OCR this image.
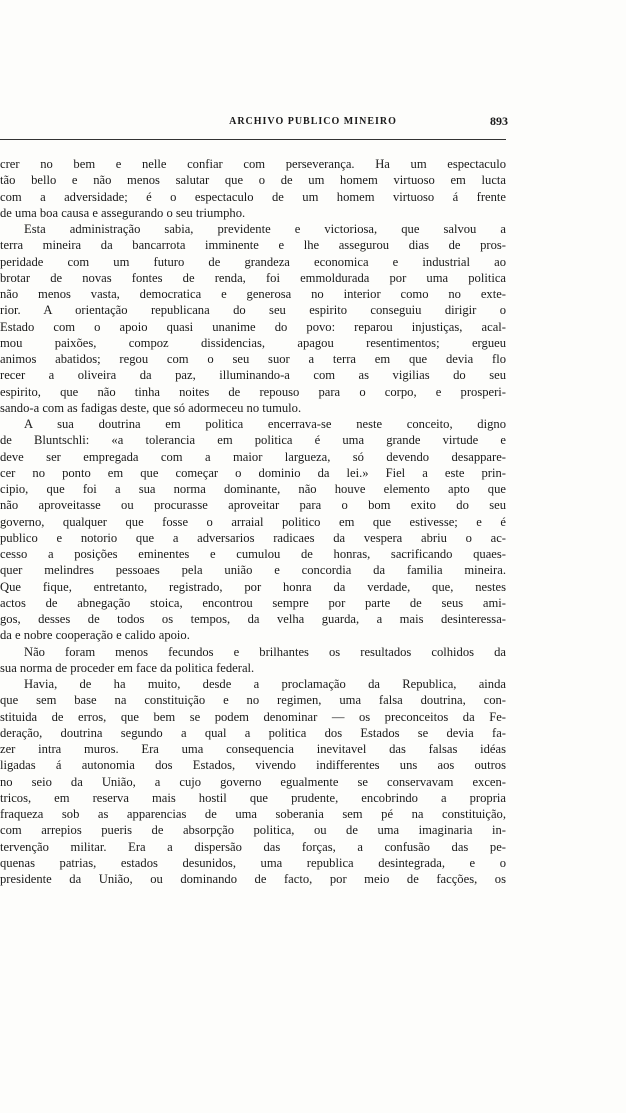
ARCHIVO PUBLICO MINEIRO	893
crer no bem e nelle confiar com perseverança. Ha um espectaculo
tão bello e não menos salutar que o de um homem virtuoso em lucta
com a adversidade; é o espectaculo de um homem virtuoso á frente
de uma boa causa e assegurando o seu triumpho.
Esta administração sabia, previdente e victoriosa, que salvou a
terra mineira da bancarrota imminente e lhe assegurou dias de pros-
peridade com um futuro de grandeza economica e industrial ao
brotar de novas fontes de renda, foi emmoldurada por uma politica
não menos vasta, democratica e generosa no interior como no exte-
rior. A orientação republicana do seu espirito conseguiu dirigir o
Estado com o apoio quasi unanime do povo: reparou injustiças, acal-
mou paixões, compoz dissidencias, apagou resentimentos; ergueu
animos abatidos; regou com o seu suor a terra em que devia flo
recer a oliveira da paz, illuminando-a com as vigilias do seu
espirito, que não tinha noites de repouso para o corpo, e prosperi-
sando-a com as fadigas deste, que só adormeceu no tumulo.
A sua doutrina em politica encerrava-se neste conceito, digno
de Bluntschli: «a tolerancia em politica é uma grande virtude e
deve ser empregada com a maior largueza, só devendo desappare-
cer no ponto em que começar o dominio da lei.» Fiel a este prin-
cipio, que foi a sua norma dominante, não houve elemento apto que
não aproveitasse ou procurasse aproveitar para o bom exito do seu
governo, qualquer que fosse o arraial politico em que estivesse; e é
publico e notorio que a adversarios radicaes da vespera abriu o ac-
cesso a posições eminentes e cumulou de honras, sacrificando quaes-
quer melindres pessoaes pela união e concordia da familia mineira.
Que fique, entretanto, registrado, por honra da verdade, que, nestes
actos de abnegação stoica, encontrou sempre por parte de seus ami-
gos, desses de todos os tempos, da velha guarda, a mais desinteressa-
da e nobre cooperação e calido apoio.
Não foram menos fecundos e brilhantes os resultados colhidos da
sua norma de proceder em face da politica federal.
Havia, de ha muito, desde a proclamação da Republica, ainda
que sem base na constituição e no regimen, uma falsa doutrina, con-
stituida de erros, que bem se podem denominar — os preconceitos da Fe-
deração, doutrina segundo a qual a politica dos Estados se devia fa-
zer intra muros. Era uma consequencia inevitavel das falsas idéas
ligadas á autonomia dos Estados, vivendo indifferentes uns aos outros
no seio da União, a cujo governo egualmente se conservavam excen-
tricos, em reserva mais hostil que prudente, encobrindo a propria
fraqueza sob as apparencias de uma soberania sem pé na constituição,
com arrepios pueris de absorpção politica, ou de uma imaginaria in-
tervenção militar. Era a dispersão das forças, a confusão das pe-
quenas patrias, estados desunidos, uma republica desintegrada, e o
presidente da União, ou dominando de facto, por meio de facções, os
